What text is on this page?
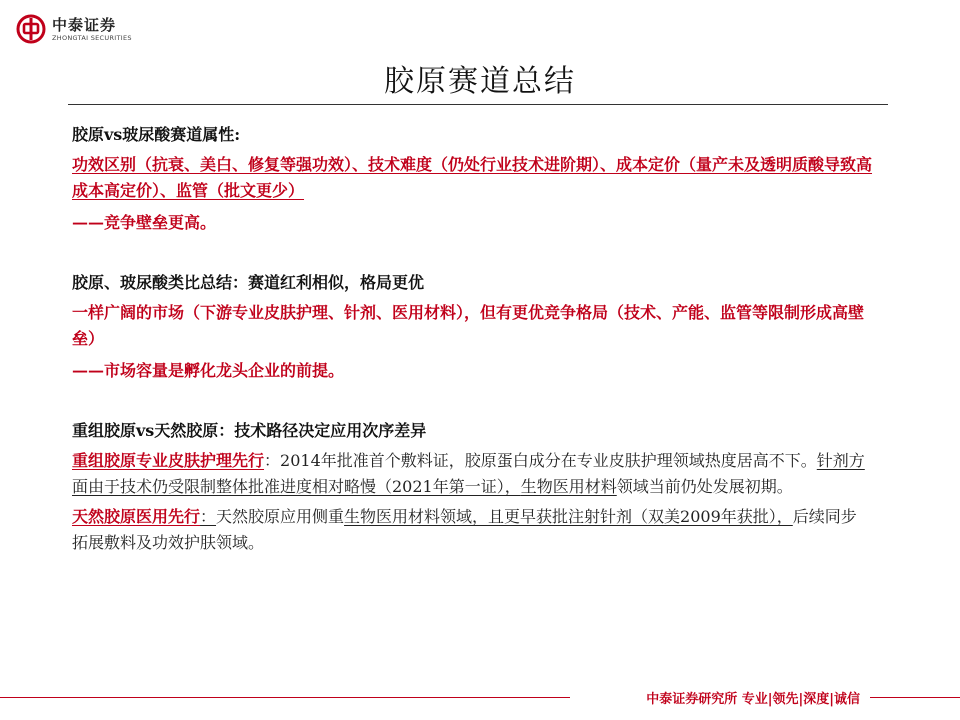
中泰证券
ZHONGTAI SECURITIES
胶原赛道总结

胶原vs玻尿酸赛道属性:

功效区别（抗衰、美白、修复等强功效）、技术难度（仍处行业技术进阶期）、成本定价（量产未及透明质酸导致高成本高定价）、监管（批文更少）

——竞争壁垒更高。

胶原、玻尿酸类比总结：赛道红利相似，格局更优

一样广阔的市场（下游专业皮肤护理、针剂、医用材料），但有更优竞争格局（技术、产能、监管等限制形成高壁垒）

——市场容量是孵化龙头企业的前提。

重组胶原vs天然胶原：技术路径决定应用次序差异

重组胶原专业皮肤护理先行：2014年批准首个敷料证，胶原蛋白成分在专业皮肤护理领域热度居高不下。针剂方面由于技术仍受限制整体批准进度相对略慢（2021年第一证），生物医用材料领域当前仍处发展初期。

天然胶原医用先行：天然胶原应用侧重生物医用材料领域，且更早获批注射针剂（双美2009年获批），后续同步拓展敷料及功效护肤领域。

中泰证券研究所 专业|领先|深度|诚信
